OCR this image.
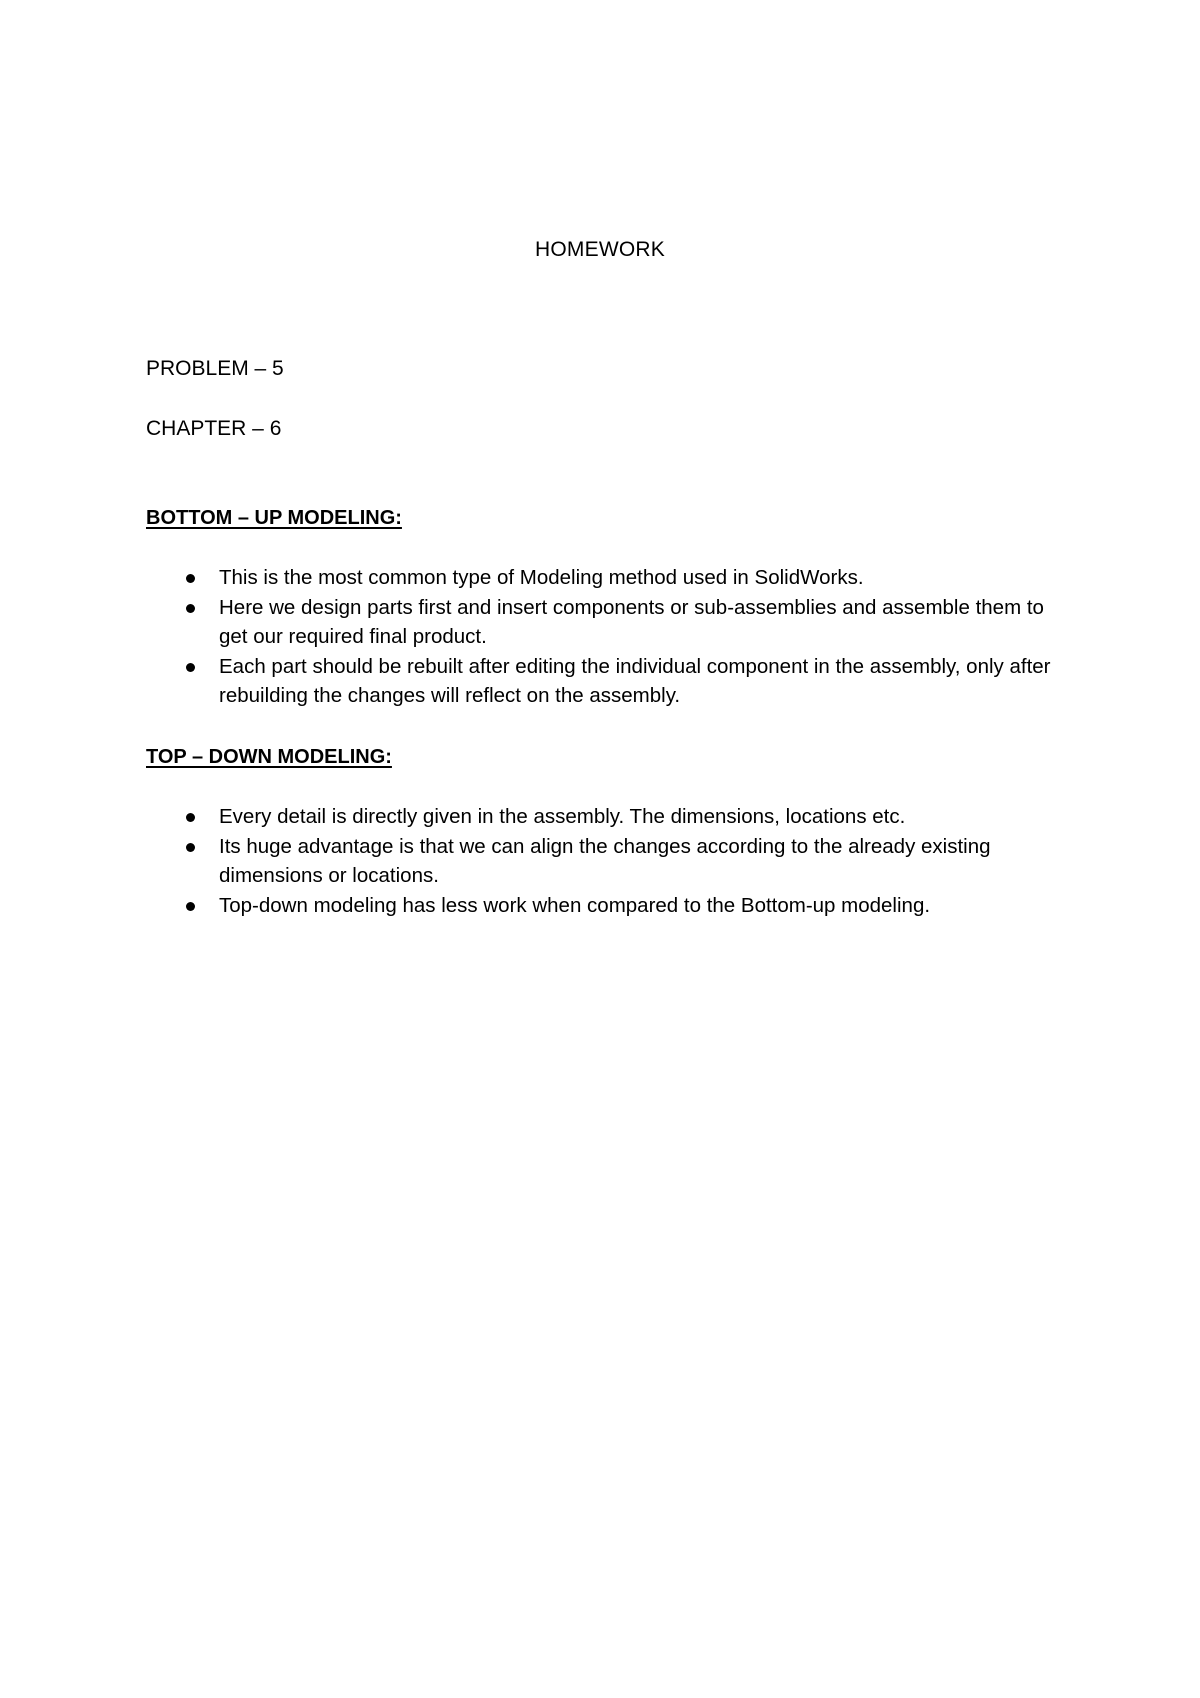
HOMEWORK
PROBLEM – 5
CHAPTER – 6
BOTTOM – UP MODELING:
This is the most common type of Modeling method used in SolidWorks.
Here we design parts first and insert components or sub-assemblies and assemble them to get our required final product.
Each part should be rebuilt after editing the individual component in the assembly, only after rebuilding the changes will reflect on the assembly.
TOP – DOWN MODELING:
Every detail is directly given in the assembly. The dimensions, locations etc.
Its huge advantage is that we can align the changes according to the already existing dimensions or locations.
Top-down modeling has less work when compared to the Bottom-up modeling.
